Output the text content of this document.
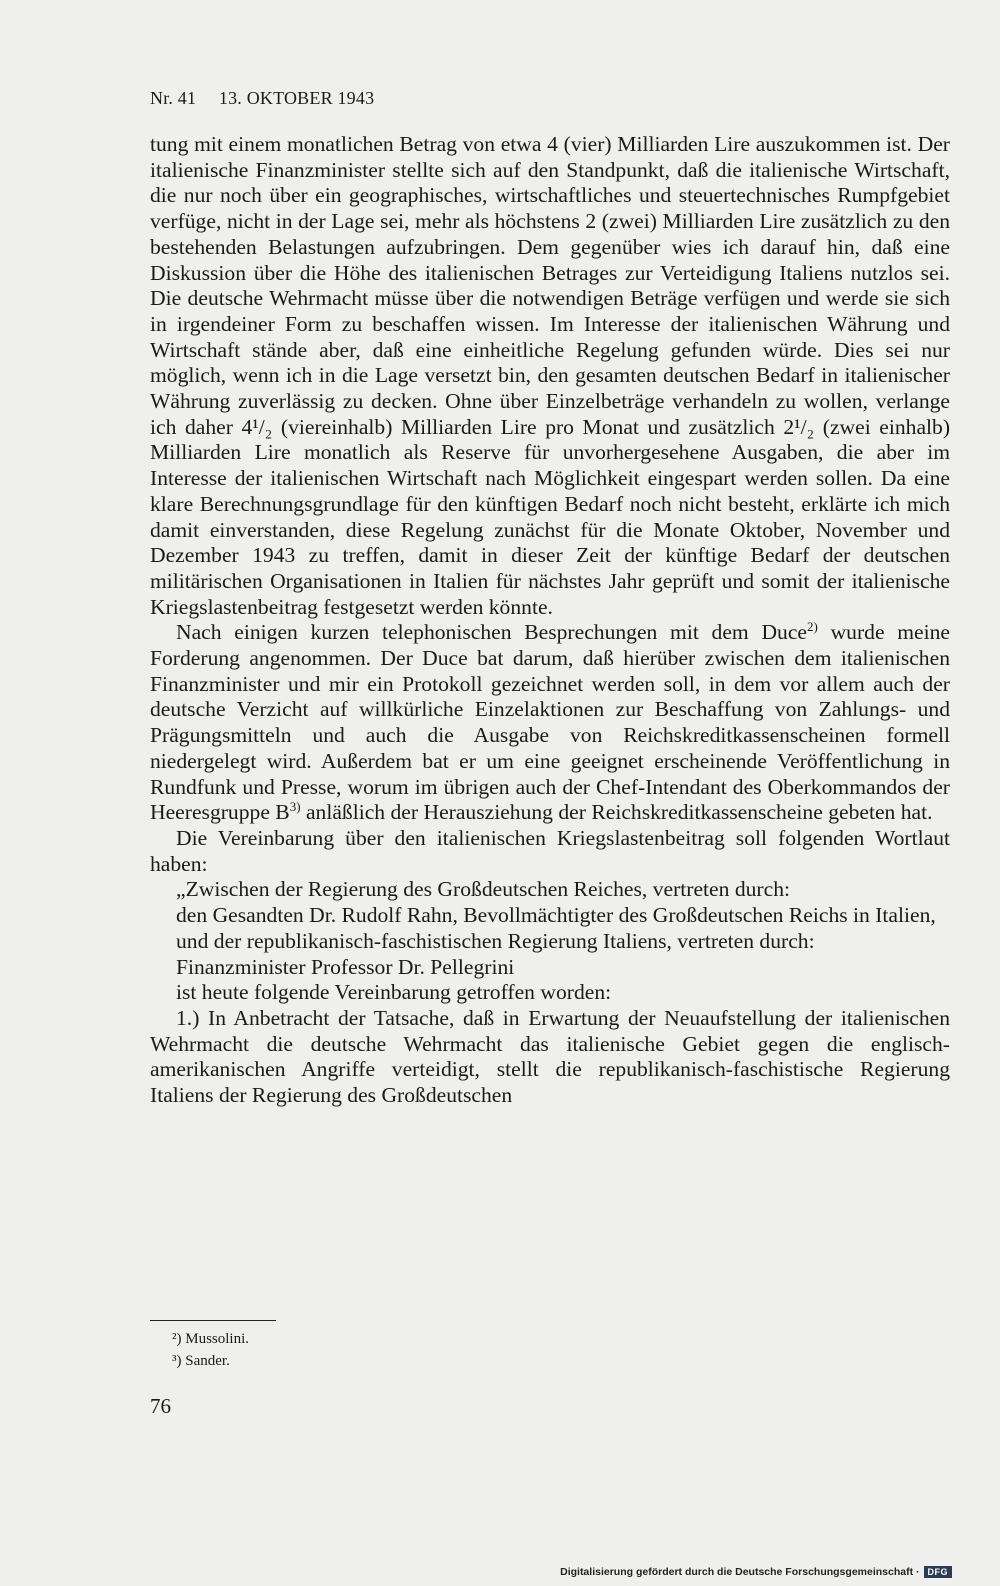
Nr. 41 13. OKTOBER 1943

tung mit einem monatlichen Betrag von etwa 4 (vier) Milliarden Lire auszukommen ist. Der italienische Finanzminister stellte sich auf den Standpunkt, daß die italienische Wirtschaft, die nur noch über ein geographisches, wirtschaftliches und steuertechnisches Rumpfgebiet verfüge, nicht in der Lage sei, mehr als höchstens 2 (zwei) Milliarden Lire zusätzlich zu den bestehenden Belastungen aufzubringen. Dem gegenüber wies ich darauf hin, daß eine Diskussion über die Höhe des italienischen Betrages zur Verteidigung Italiens nutzlos sei. Die deutsche Wehrmacht müsse über die notwendigen Beträge verfügen und werde sie sich in irgendeiner Form zu beschaffen wissen. Im Interesse der italienischen Währung und Wirtschaft stände aber, daß eine einheitliche Regelung gefunden würde. Dies sei nur möglich, wenn ich in die Lage versetzt bin, den gesamten deutschen Bedarf in italienischer Währung zuverlässig zu decken. Ohne über Einzelbeträge verhandeln zu wollen, verlange ich daher 4¹/₂ (viereinhalb) Milliarden Lire pro Monat und zusätzlich 2¹/₂ (zwei einhalb) Milliarden Lire monatlich als Reserve für unvorhergesehene Ausgaben, die aber im Interesse der italienischen Wirtschaft nach Möglichkeit eingespart werden sollen. Da eine klare Berechnungsgrundlage für den künftigen Bedarf noch nicht besteht, erklärte ich mich damit einverstanden, diese Regelung zunächst für die Monate Oktober, November und Dezember 1943 zu treffen, damit in dieser Zeit der künftige Bedarf der deutschen militärischen Organisationen in Italien für nächstes Jahr geprüft und somit der italienische Kriegslastenbeitrag festgesetzt werden könnte.

Nach einigen kurzen telephonischen Besprechungen mit dem Duce$^{2)}$ wurde meine Forderung angenommen. Der Duce bat darum, daß hierüber zwischen dem italienischen Finanzminister und mir ein Protokoll gezeichnet werden soll, in dem vor allem auch der deutsche Verzicht auf willkürliche Einzelaktionen zur Beschaffung von Zahlungs- und Prägungsmitteln und auch die Ausgabe von Reichskreditkassenscheinen formell niedergelegt wird. Außerdem bat er um eine geeignet erscheinende Veröffentlichung in Rundfunk und Presse, worum im übrigen auch der Chef-Intendant des Oberkommandos der Heeresgruppe $B^{3)}$ anläßlich der Herausziehung der Reichskreditkassenscheine gebeten hat.

Die Vereinbarung über den italienischen Kriegslastenbeitrag soll folgenden Wortlaut haben:

„Zwischen der Regierung des Großdeutschen Reiches, vertreten durch:

den Gesandten Dr. Rudolf Rahn, Bevollmächtigter des Großdeutschen Reichs in Italien,

und der republikanisch-faschistischen Regierung Italiens, vertreten durch:

Finanzminister Professor Dr. Pellegrini

ist heute folgende Vereinbarung getroffen worden:

1.) In Anbetracht der Tatsache, daß in Erwartung der Neuaufstellung der italienischen Wehrmacht die deutsche Wehrmacht das italienische Gebiet gegen die englisch-amerikanischen Angriffe verteidigt, stellt die republikanisch-faschistische Regierung Italiens der Regierung des Großdeutschen

²) Mussolini.
³) Sander.
76
Digitalisierung gefördert durch die Deutsche Forschungsgemeinschaft · DFG
